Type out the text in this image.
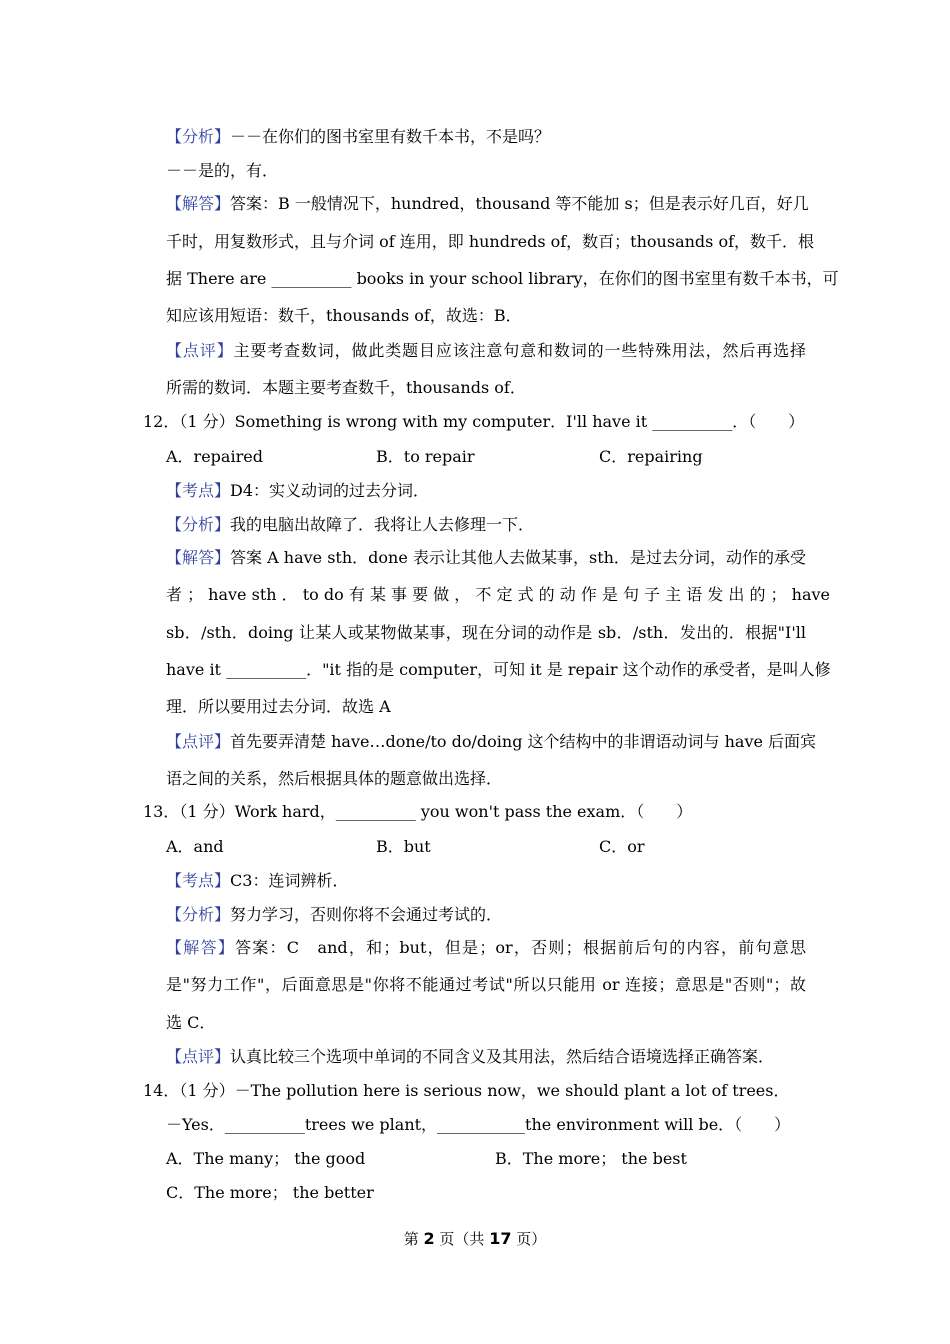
【分析】－－在你们的图书室里有数千本书，不是吗？
－－是的，有．
【解答】答案：B 一般情况下，hundred，thousand 等不能加 s；但是表示好几百，好几
千时，用复数形式，且与介词 of 连用，即 hundreds of，数百；thousands of，数千．根
据 There are __________ books in your school library，在你们的图书室里有数千本书，可
知应该用短语：数千，thousands of，故选：B．
【点评】主要考查数词，做此类题目应该注意句意和数词的一些特殊用法，然后再选择
所需的数词．本题主要考查数千，thousands of．
12．（1 分）Something is wrong with my computer．I'll have it __________．（　　）
A．repaired	B．to repair	C．repairing
【考点】D4：实义动词的过去分词．
【分析】我的电脑出故障了．我将让人去修理一下．
【解答】答案 A have sth．done 表示让其他人去做某事，sth．是过去分词，动作的承受
者 ； have sth ． to do 有 某 事 要 做 ， 不 定 式 的 动 作 是 句 子 主 语 发 出 的 ； have
sb．/sth．doing 让某人或某物做某事，现在分词的动作是 sb．/sth．发出的．根据"I'll
have it __________．"it 指的是 computer，可知 it 是 repair 这个动作的承受者，是叫人修
理．所以要用过去分词．故选 A
【点评】首先要弄清楚 have…done/to do/doing 这个结构中的非谓语动词与 have 后面宾
语之间的关系，然后根据具体的题意做出选择．
13．（1 分）Work hard，__________ you won't pass the exam．（　　）
A．and	B．but	C．or
【考点】C3：连词辨析．
【分析】努力学习，否则你将不会通过考试的．
【解答】答案：C　and，和；but，但是；or，否则；根据前后句的内容，前句意思
是"努力工作"，后面意思是"你将不能通过考试"所以只能用 or 连接；意思是"否则"；故
选 C．
【点评】认真比较三个选项中单词的不同含义及其用法，然后结合语境选择正确答案．
14．（1 分）－The pollution here is serious now，we should plant a lot of trees．
－Yes．__________trees we plant，___________the environment will be．（　　）
A．The many； the good	B．The more； the best
C．The more； the better
第 2 页（共 17 页）
